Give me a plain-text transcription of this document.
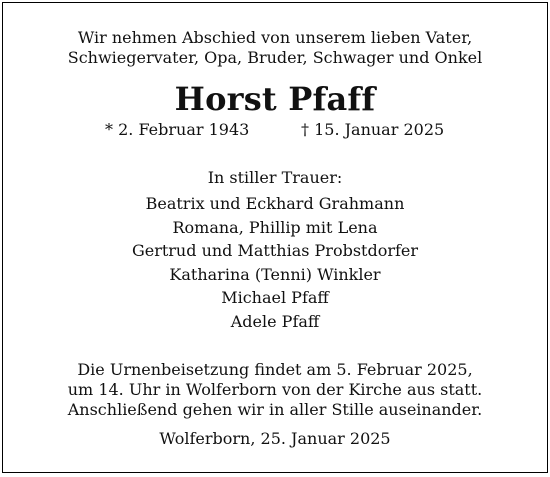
Wir nehmen Abschied von unserem lieben Vater,
Schwiegervater, Opa, Bruder, Schwager und Onkel
Horst Pfaff
* 2. Februar 1943	† 15. Januar 2025
In stiller Trauer:
Beatrix und Eckhard Grahmann
Romana, Phillip mit Lena
Gertrud und Matthias Probstdorfer
Katharina (Tenni) Winkler
Michael Pfaff
Adele Pfaff
Die Urnenbeisetzung findet am 5. Februar 2025,
um 14. Uhr in Wolferborn von der Kirche aus statt.
Anschließend gehen wir in aller Stille auseinander.
Wolferborn, 25. Januar 2025
